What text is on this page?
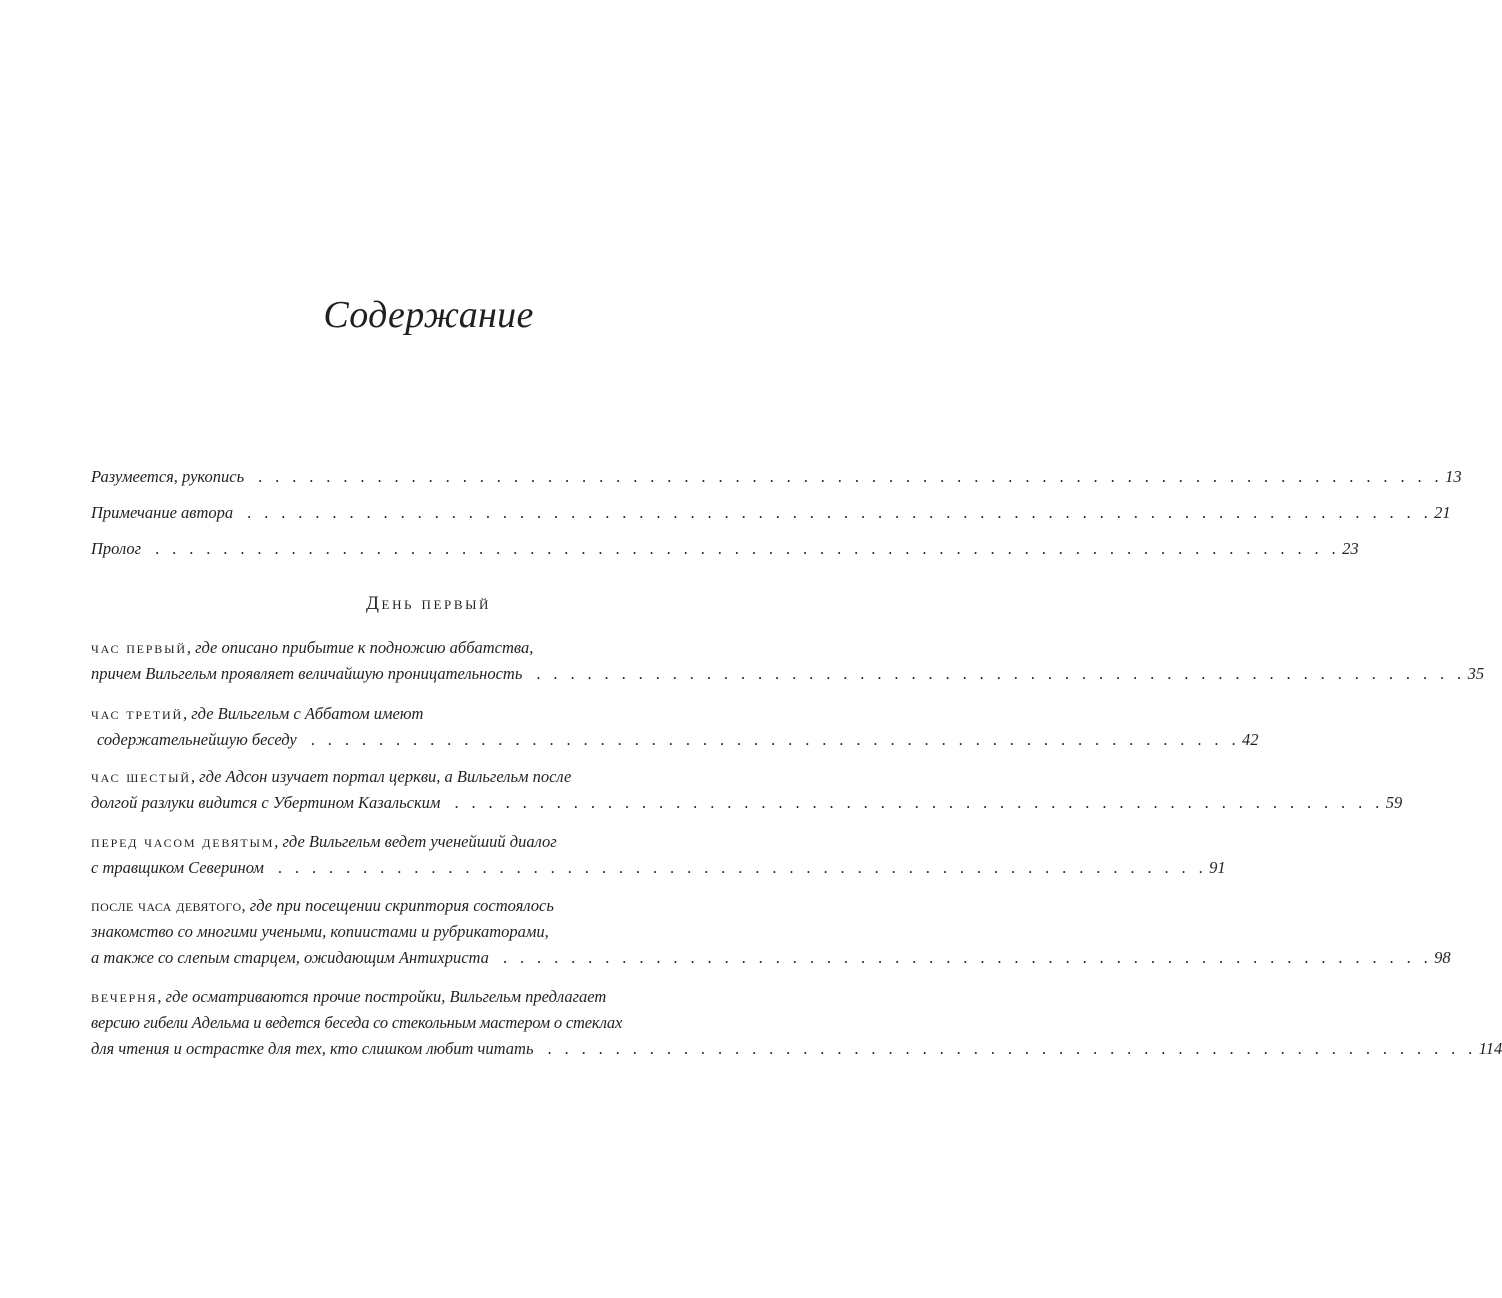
Содержание
Разумеется, рукопись . . . . . . . . . . . . . . . . . . . . . . . . . . . . . . . . . . . . . . . . . . . . . . . . . . . . . . . . . . . . . . . . . . . . . . 13
Примечание автора . . . . . . . . . . . . . . . . . . . . . . . . . . . . . . . . . . . . . . . . . . . . . . . . . . . . . . . . . . . . . . . . . . . . . . 21
Пролог . . . . . . . . . . . . . . . . . . . . . . . . . . . . . . . . . . . . . . . . . . . . . . . . . . . . . . . . . . . . . . . . . . . . . . 23
День первый
час первый, где описано прибытие к подножию аббатства,
причем Вильгельм проявляет величайшую проницательность . . . . . . . . . . . . . . . . . . . . . . . . . . . . . . . . . . . . . . . . . . . . . . . . . . . . . . . 35
час третий, где Вильгельм с Аббатом имеют
содержательнейшую беседу . . . . . . . . . . . . . . . . . . . . . . . . . . . . . . . . . . . . . . . . . . . . . . . . . . . . . . . 42
час шестый, где Адсон изучает портал церкви, а Вильгельм после
долгой разлуки видится с Убертином Казальским . . . . . . . . . . . . . . . . . . . . . . . . . . . . . . . . . . . . . . . . . . . . . . . . . . . . . . . 59
перед часом девятым, где Вильгельм ведет ученейший диалог
с травщиком Северином . . . . . . . . . . . . . . . . . . . . . . . . . . . . . . . . . . . . . . . . . . . . . . . . . . . . . . . 91
после часа девятого, где при посещении скриптория состоялось
знакомство со многими учеными, копиистами и рубрикаторами,
а также со слепым старцем, ожидающим Антихриста . . . . . . . . . . . . . . . . . . . . . . . . . . . . . . . . . . . . . . . . . . . . . . . . . . . . . . . 98
вечерня, где осматриваются прочие постройки, Вильгельм предлагает
версию гибели Адельма и ведется беседа со стекольным мастером о стеклах
для чтения и острастке для тех, кто слишком любит читать . . . . . . . . . . . . . . . . . . . . . . . . . . . . . . . . . . . . . . . . . . . . . . . . . . . . . . . 114
